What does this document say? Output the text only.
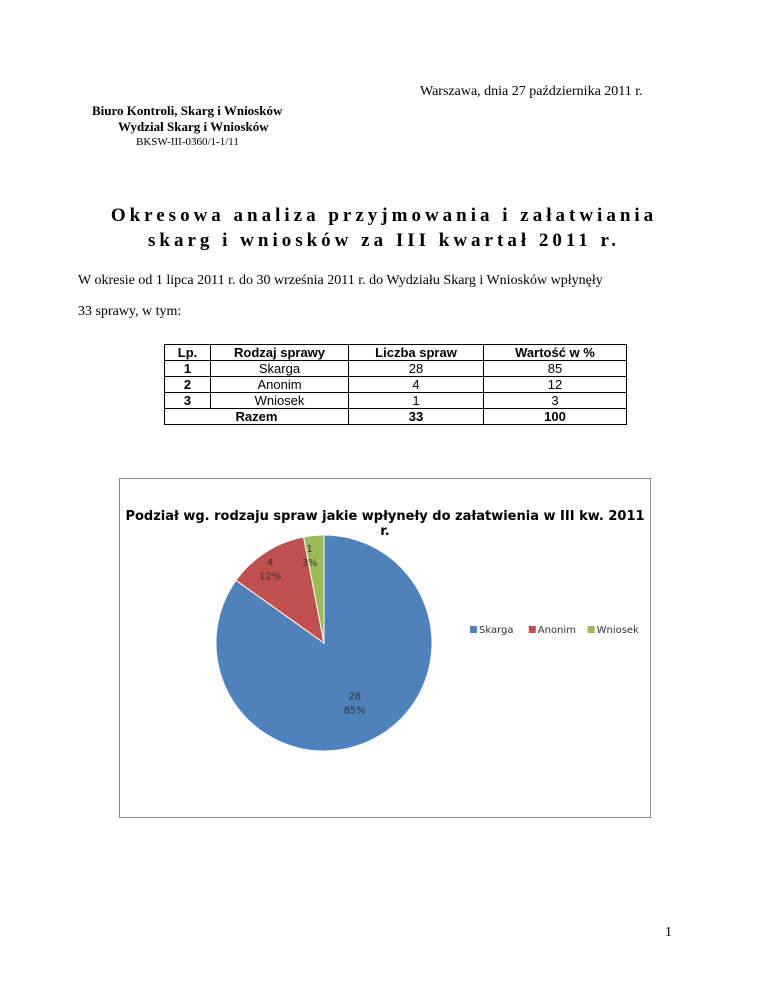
Warszawa, dnia 27 października 2011 r.
Biuro Kontroli, Skarg i Wniosków
Wydział Skarg i Wniosków
BKSW-III-0360/1-1/11
Okresowa analiza przyjmowania i załatwiania
skarg i wniosków za III kwartał 2011 r.
W okresie od 1 lipca 2011 r. do 30 września 2011 r. do Wydziału Skarg i Wniosków wpłynęły
33 sprawy, w tym:
Lp.	Rodzaj sprawy	Liczba spraw	Wartość w %
1	Skarga	28	85
2	Anonim	4	12
3	Wniosek	1	3
Razem		33	100
Podział wg. rodzaju spraw jakie wpłyneły do załatwienia w III kw. 2011 r.
28
85%
4
12%
1
3%
Skarga Anonim Wniosek
1
